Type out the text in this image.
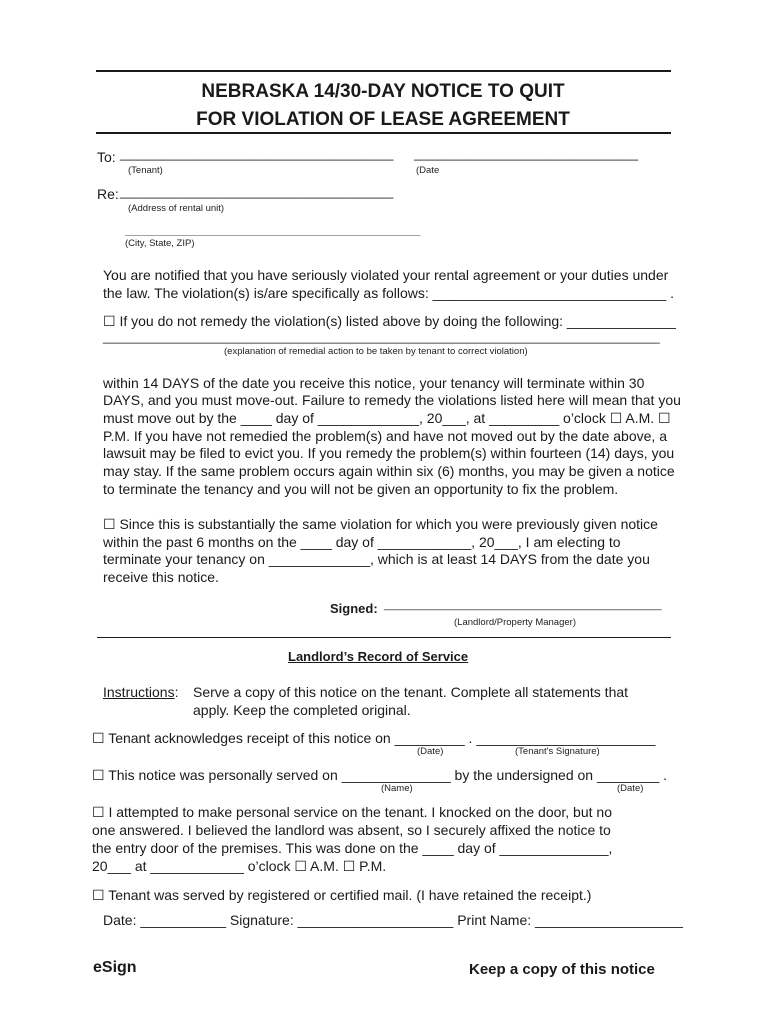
NEBRASKA 14/30-DAY NOTICE TO QUIT
FOR VIOLATION OF LEASE AGREEMENT
To: ____________________________________
(Tenant)
_______________________________
(Date
Re: ____________________________________
(Address of rental unit)
__________________________________________________
(City, State, ZIP)
You are notified that you have seriously violated your rental agreement or your duties under
the law. The violation(s) is/are specifically as follows: ______________________________ .
☐ If you do not remedy the violation(s) listed above by doing the following: ______________
_________________________________________________________________________________
(explanation of remedial action to be taken by tenant to correct violation)
within 14 DAYS of the date you receive this notice, your tenancy will terminate within 30
DAYS, and you must move-out. Failure to remedy the violations listed here will mean that you
must move out by the ____ day of _____________, 20___, at _________ o’clock ☐ A.M. ☐
P.M. If you have not remedied the problem(s) and have not moved out by the date above, a
lawsuit may be filed to evict you. If you remedy the problem(s) within fourteen (14) days, you
may stay. If the same problem occurs again within six (6) months, you may be given a notice
to terminate the tenancy and you will not be given an opportunity to fix the problem.
☐ Since this is substantially the same violation for which you were previously given notice
within the past 6 months on the ____ day of ____________, 20___, I am electing to
terminate your tenancy on _____________, which is at least 14 DAYS from the date you
receive this notice.
Signed: __________________________________________
(Landlord/Property Manager)
Landlord’s Record of Service
Instructions: Serve a copy of this notice on the tenant. Complete all statements that
apply. Keep the completed original.
☐ Tenant acknowledges receipt of this notice on _________ . _______________________
(Date)	(Tenant's Signature)
☐ This notice was personally served on ______________ by the undersigned on ________ .
(Name)	(Date)
☐ I attempted to make personal service on the tenant. I knocked on the door, but no
one answered. I believed the landlord was absent, so I securely affixed the notice to
the entry door of the premises. This was done on the ____ day of ______________,
20___ at ____________ o’clock ☐ A.M. ☐ P.M.
☐ Tenant was served by registered or certified mail. (I have retained the receipt.)
Date: ___________ Signature: ____________________ Print Name: ___________________
eSign	Keep a copy of this notice
